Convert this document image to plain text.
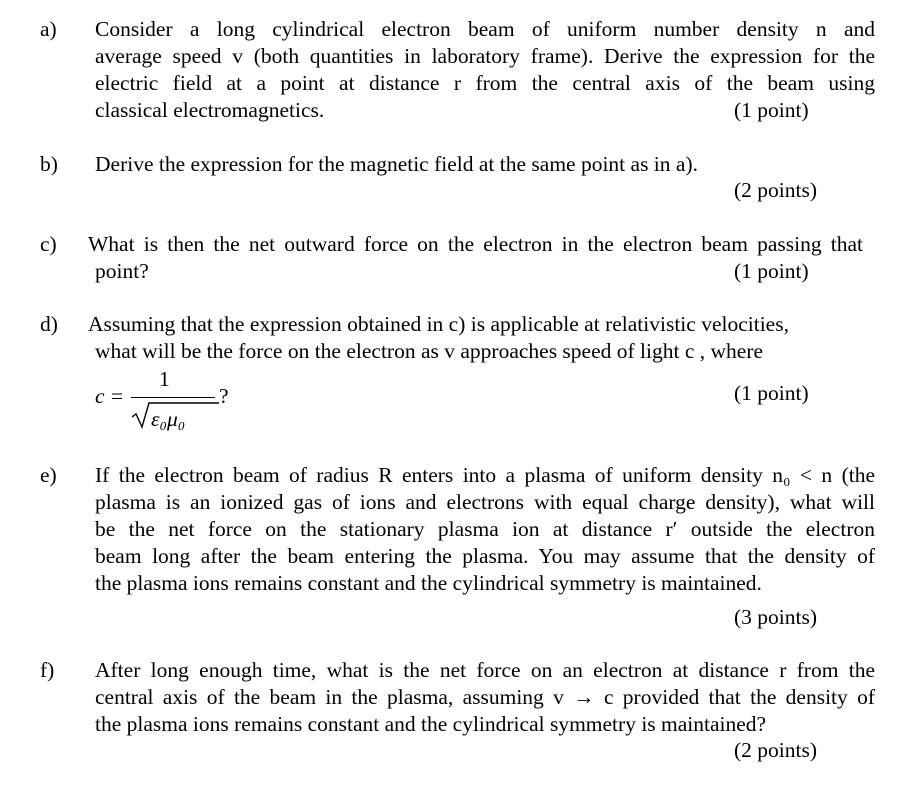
a) Consider a long cylindrical electron beam of uniform number density n and
average speed v (both quantities in laboratory frame). Derive the expression for the
electric field at a point at distance r from the central axis of the beam using
classical electromagnetics.	(1 point)
b) Derive the expression for the magnetic field at the same point as in a).
(2 points)
c) What is then the net outward force on the electron in the electron beam passing that
point?	(1 point)
d) Assuming that the expression obtained in c) is applicable at relativistic velocities,
what will be the force on the electron as v approaches speed of light c , where
c =
1
ε₀μ₀
?	(1 point)
e) If the electron beam of radius R enters into a plasma of uniform density n₀ < n (the
plasma is an ionized gas of ions and electrons with equal charge density), what will
be the net force on the stationary plasma ion at distance r′ outside the electron
beam long after the beam entering the plasma. You may assume that the density of
the plasma ions remains constant and the cylindrical symmetry is maintained.
(3 points)
f) After long enough time, what is the net force on an electron at distance r from the
central axis of the beam in the plasma, assuming v → c provided that the density of
the plasma ions remains constant and the cylindrical symmetry is maintained?
(2 points)
